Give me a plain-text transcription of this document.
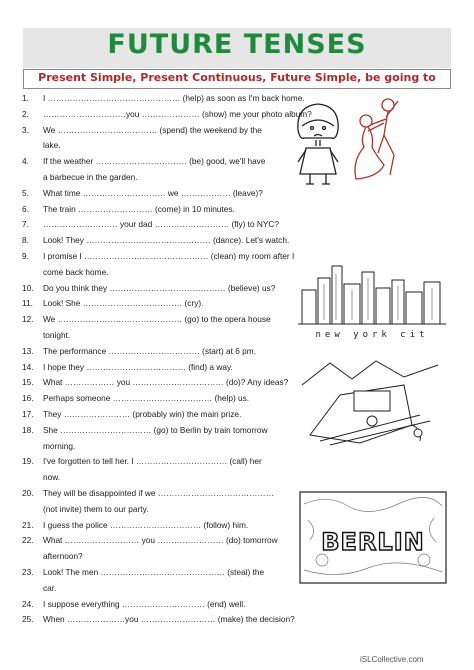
FUTURE TENSES
Present Simple, Present Continuous, Future Simple, be going to
1.	I ………………………………………… (help) as soon as I'm back home.
2.	…………………………you ………………… (show) me your photo album?
3.	We ……………………………… (spend) the weekend by the
lake.
4.	If the weather …………………………… (be) good, we'll have
a barbecue in the garden.
5.	What time ………………………… we ……………… (leave)?
6.	The train ……………………… (come) in 10 minutes.
7.	……………………… your dad ……………………… (fly) to NYC?
8.	Look! They ……………………………………… (dance). Let's watch.
9.	I promise I ……………………………………… (clean) my room after I
come back home.
10.	Do you think they …………………………………… (believe) us?
11.	Look! She ……………………………… (cry).
12.	We ……………………………………… (go) to the opera house
tonight.
13.	The performance …………………………… (start) at 6 pm.
14.	I hope they ……………………………… (find) a way.
15.	What ……………… you …………………………… (do)? Any ideas?
16.	Perhaps someone ……………………………… (help) us.
17.	They …………………… (probably win) the main prize.
18.	She …………………………… (go) to Berlin by train tomorrow
morning.
19.	I've forgotten to tell her. I …………………………… (call) her
now.
20.	They will be disappointed if we ……………………………………
(not invite) them to our party.
21.	I guess the police …………………………… (follow) him.
22.	What ……………………… you …………………… (do) tomorrow
afternoon?
23.	Look! The men ……………………………………… (steal) the
car.
24.	I suppose everything ………………………… (end) well.
25.	When …………………you ……………………… (make) the decision?
new york cit
BERLIN
iSLCollective.com
